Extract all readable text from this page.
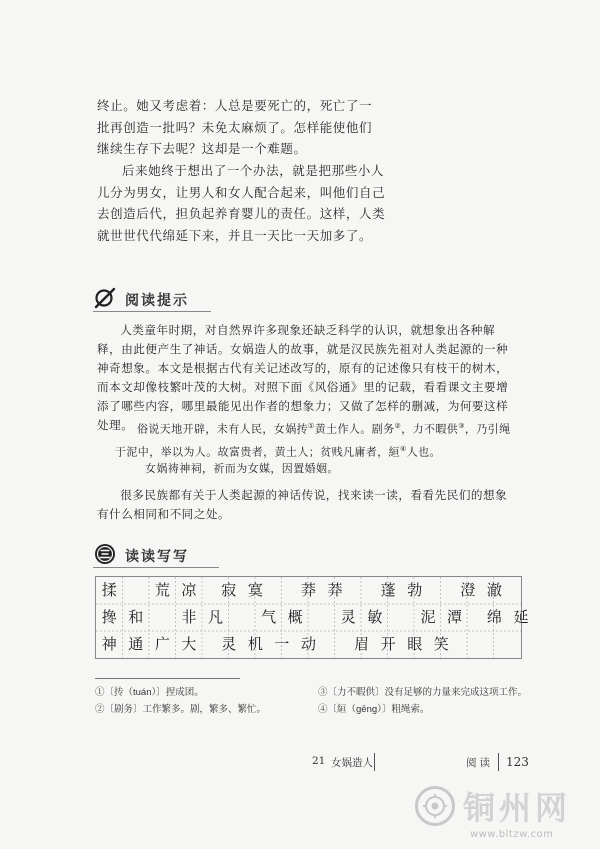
终止。她又考虑着：人总是要死亡的，死亡了一
批再创造一批吗？未免太麻烦了。怎样能使他们
继续生存下去呢？这却是一个难题。

后来她终于想出了一个办法，就是把那些小人
儿分为男女，让男人和女人配合起来，叫他们自己
去创造后代，担负起养育婴儿的责任。这样，人类
就世世代代绵延下来，并且一天比一天加多了。

阅读提示

人类童年时期，对自然界许多现象还缺乏科学的认识，就想象出各种解释，由此便产生了神话。女娲造人的故事，就是汉民族先祖对人类起源的一种神奇想象。本文是根据古代有关记述改写的，原有的记述像只有枝干的树木，而本文却像枝繁叶茂的大树。对照下面《风俗通》里的记载，看看课文主要增添了哪些内容，哪里最能见出作者的想象力；又做了怎样的删减，为何要这样处理。 俗说天地开辟，未有人民，女娲抟①黄土作人。剧务②，力不暇供③，乃引绳于泥中，举以为人。故富贵者，黄土人；贫贱凡庸者，絙④人也。

女娲祷神祠，祈而为女媒，因置婚姻。

很多民族都有关于人类起源的神话传说，找来读一读，看看先民们的想象有什么相同和不同之处。

读读写写
揉	荒 凉	寂 寞	莽 莽	蓬 勃	澄 澈
搀 和	非 凡	气 概	灵 敏	泥 潭	绵 延
神 通 广 大	灵 机 一 动	眉 开 眼 笑
①〔抟（tuán）〕捏成团。
②〔剧务〕工作繁多。剧，繁多、繁忙。
③〔力不暇供〕没有足够的力量来完成这项工作。
④〔絙（gēng）〕粗绳索。
21 女娲造人	阅读 123
铜州网
www.bltzw.com
